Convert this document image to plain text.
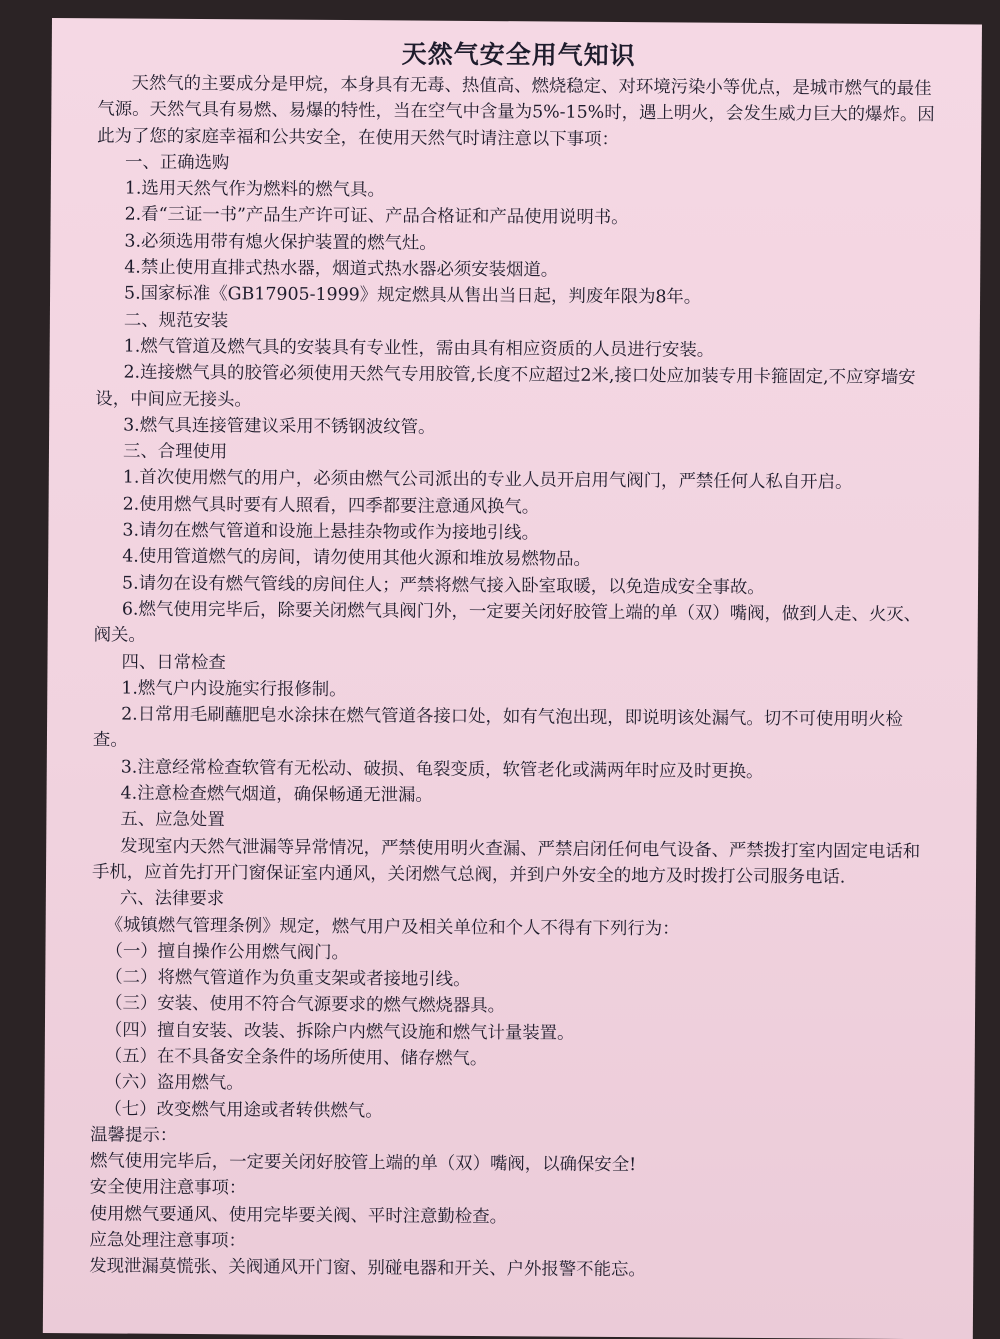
天然气安全用气知识

天然气的主要成分是甲烷，本身具有无毒、热值高、燃烧稳定、对环境污染小等优点，是城市燃气的最佳气源。天然气具有易燃、易爆的特性，当在空气中含量为5%-15%时，遇上明火，会发生威力巨大的爆炸。因此为了您的家庭幸福和公共安全，在使用天然气时请注意以下事项：

一、正确选购

1.选用天然气作为燃料的燃气具。

2.看“三证一书”产品生产许可证、产品合格证和产品使用说明书。

3.必须选用带有熄火保护装置的燃气灶。

4.禁止使用直排式热水器，烟道式热水器必须安装烟道。

5.国家标准《GB17905-1999》规定燃具从售出当日起，判废年限为8年。

二、规范安装

1.燃气管道及燃气具的安装具有专业性，需由具有相应资质的人员进行安装。

2.连接燃气具的胶管必须使用天然气专用胶管,长度不应超过2米,接口处应加装专用卡箍固定,不应穿墙安设，中间应无接头。

3.燃气具连接管建议采用不锈钢波纹管。

三、合理使用

1.首次使用燃气的用户，必须由燃气公司派出的专业人员开启用气阀门，严禁任何人私自开启。

2.使用燃气具时要有人照看，四季都要注意通风换气。

3.请勿在燃气管道和设施上悬挂杂物或作为接地引线。

4.使用管道燃气的房间，请勿使用其他火源和堆放易燃物品。

5.请勿在设有燃气管线的房间住人；严禁将燃气接入卧室取暖，以免造成安全事故。

6.燃气使用完毕后，除要关闭燃气具阀门外，一定要关闭好胶管上端的单（双）嘴阀，做到人走、火灭、阀关。

四、日常检查

1.燃气户内设施实行报修制。

2.日常用毛刷蘸肥皂水涂抹在燃气管道各接口处，如有气泡出现，即说明该处漏气。切不可使用明火检查。

3.注意经常检查软管有无松动、破损、龟裂变质，软管老化或满两年时应及时更换。

4.注意检查燃气烟道，确保畅通无泄漏。

五、应急处置

发现室内天然气泄漏等异常情况，严禁使用明火查漏、严禁启闭任何电气设备、严禁拨打室内固定电话和手机，应首先打开门窗保证室内通风，关闭燃气总阀，并到户外安全的地方及时拨打公司服务电话.

六、法律要求

《城镇燃气管理条例》规定，燃气用户及相关单位和个人不得有下列行为：

（一）擅自操作公用燃气阀门。

（二）将燃气管道作为负重支架或者接地引线。

（三）安装、使用不符合气源要求的燃气燃烧器具。

（四）擅自安装、改装、拆除户内燃气设施和燃气计量装置。

（五）在不具备安全条件的场所使用、储存燃气。

（六）盗用燃气。

（七）改变燃气用途或者转供燃气。

温馨提示：

燃气使用完毕后，一定要关闭好胶管上端的单（双）嘴阀，以确保安全!

安全使用注意事项：

使用燃气要通风、使用完毕要关阀、平时注意勤检查。

应急处理注意事项：

发现泄漏莫慌张、关阀通风开门窗、别碰电器和开关、户外报警不能忘。
